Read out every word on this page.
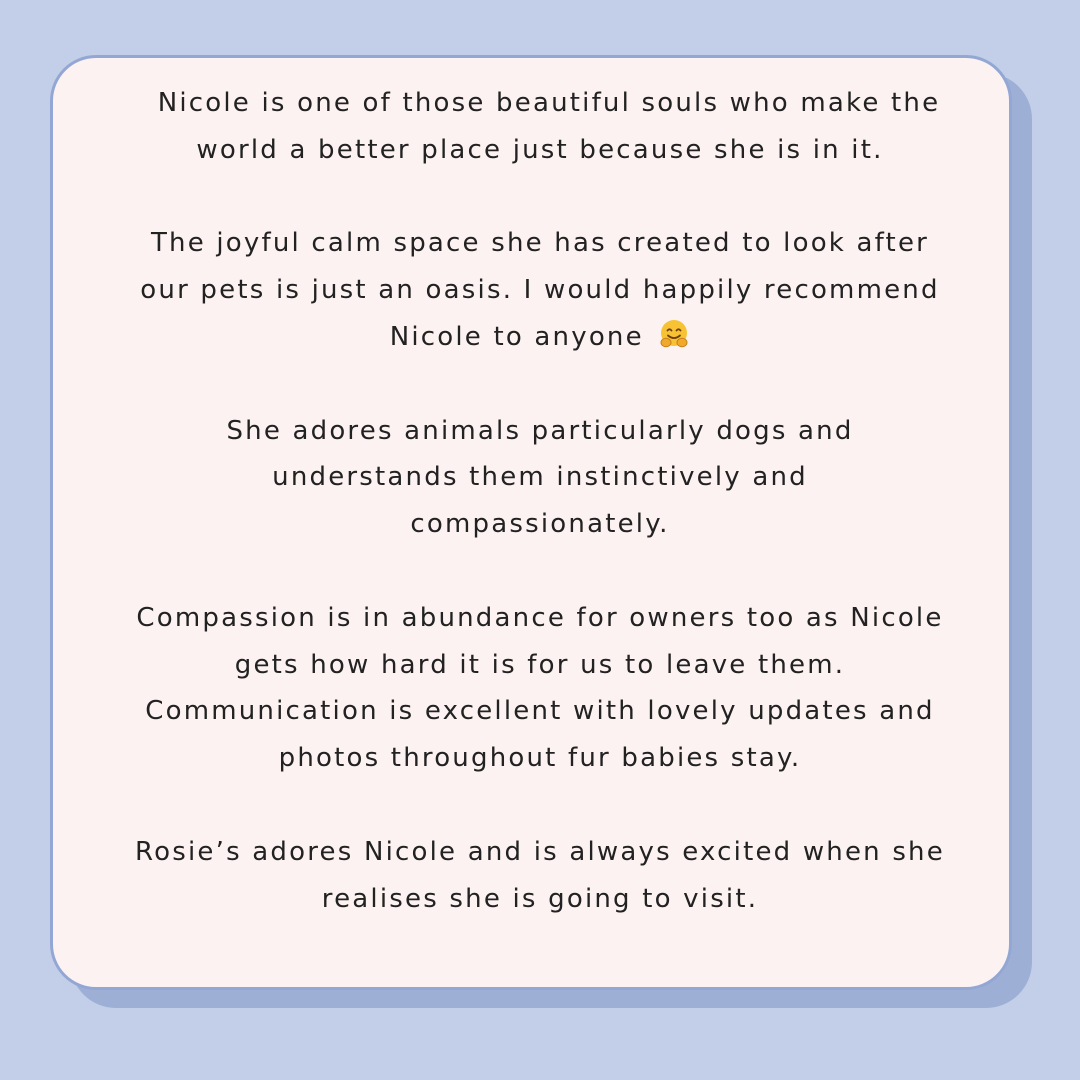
Nicole is one of those beautiful souls who make the
world a better place just because she is in it.
The joyful calm space she has created to look after
our pets is just an oasis. I would happily recommend
Nicole to anyone
She adores animals particularly dogs and
understands them instinctively and
compassionately.
Compassion is in abundance for owners too as Nicole
gets how hard it is for us to leave them.
Communication is excellent with lovely updates and
photos throughout fur babies stay.
Rosie’s adores Nicole and is always excited when she
realises she is going to visit.
